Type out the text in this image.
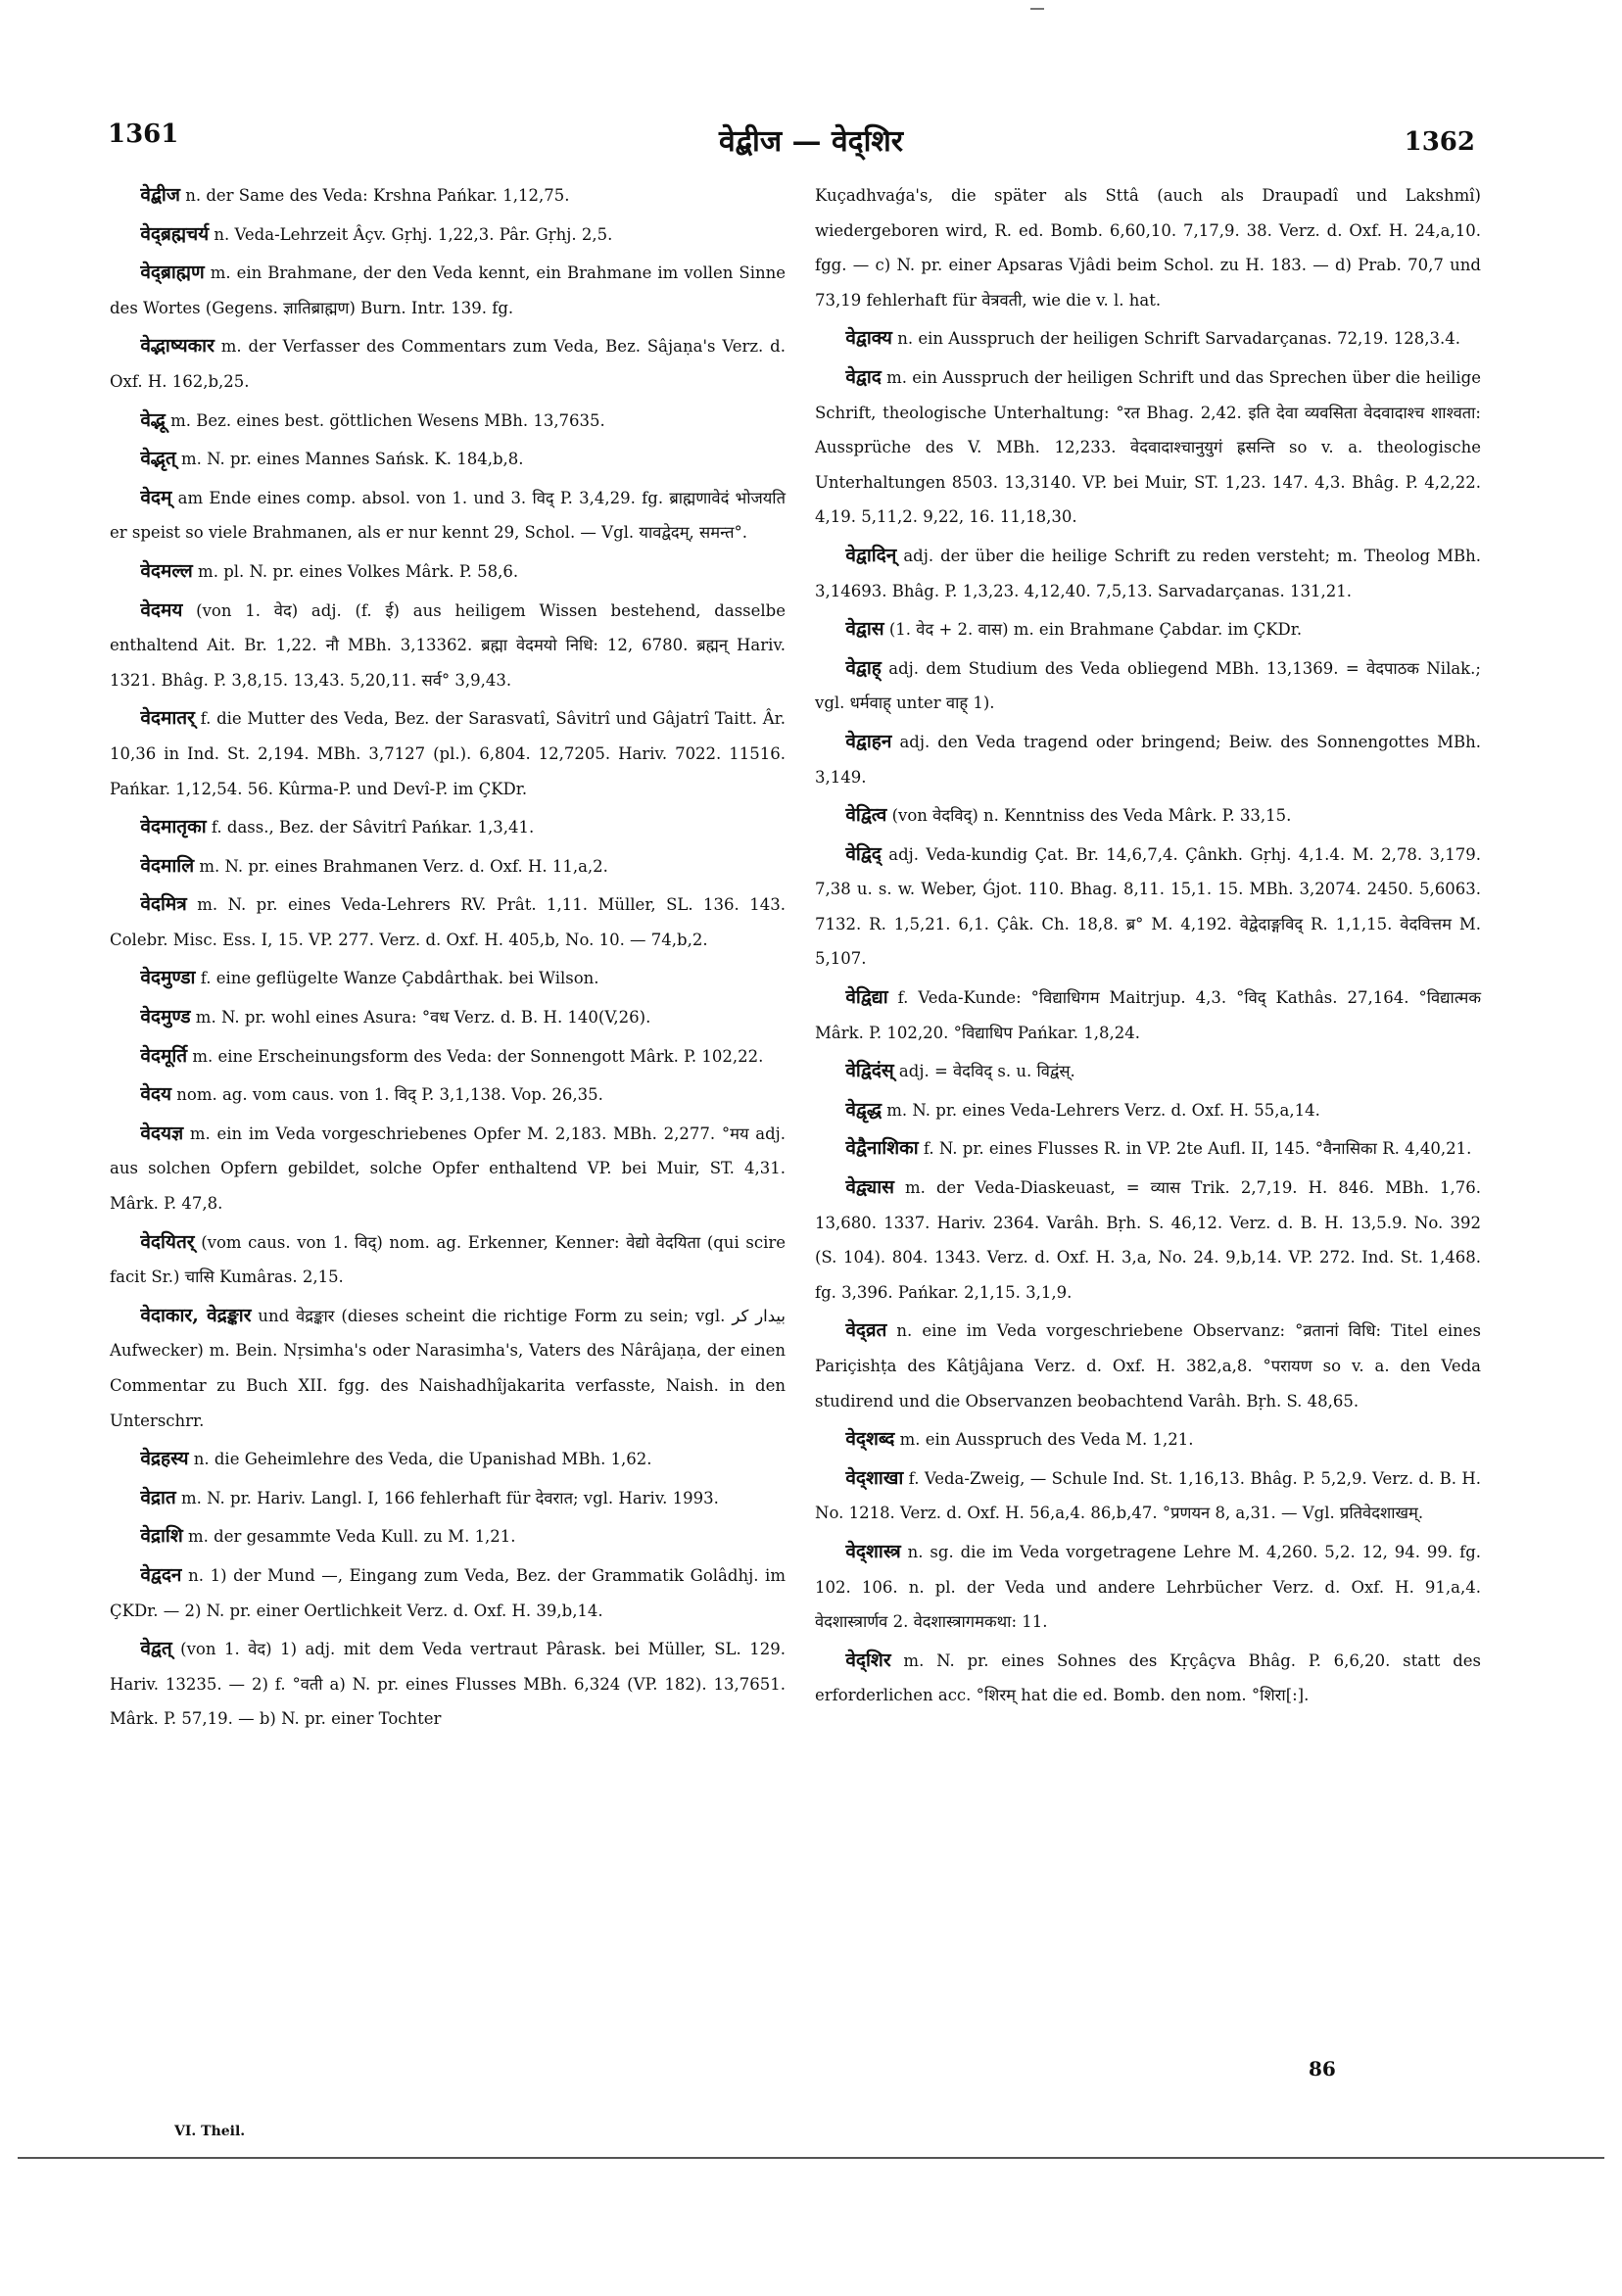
1361	वेद्बीज — वेद्शिर	1362

वेद्बीज n. der Same des Veda: Krshna Pańkar. 1,12,75.

वेद्ब्रह्मचर्य n. Veda-Lehrzeit Âçv. Gṛhj. 1,22,3. Pâr. Gṛhj. 2,5.

वेद्ब्राह्मण m. ein Brahmane, der den Veda kennt, ein Brahmane im vollen Sinne des Wortes (Gegens. ज्ञातिब्राह्मण) Burn. Intr. 139. fg.

वेद्भाष्यकार m. der Verfasser des Commentars zum Veda, Bez. Sâjaṇa's Verz. d. Oxf. H. 162,b,25.

वेद्भू m. Bez. eines best. göttlichen Wesens MBh. 13,7635.

वेद्भृत् m. N. pr. eines Mannes Sańsk. K. 184,b,8.

वेदम् am Ende eines comp. absol. von 1. und 3. विद् P. 3,4,29. fg. ब्राह्मणावेदं भोजयति er speist so viele Brahmanen, als er nur kennt 29, Schol. — Vgl. यावद्वेदम्, समन्त°.

वेदमल्ल m. pl. N. pr. eines Volkes Mârk. P. 58,6.

वेदमय (von 1. वेद) adj. (f. ई) aus heiligem Wissen bestehend, dasselbe enthaltend Ait. Br. 1,22. नौ MBh. 3,13362. ब्रह्मा वेदमयो निधि: 12, 6780. ब्रह्मन् Hariv. 1321. Bhâg. P. 3,8,15. 13,43. 5,20,11. सर्व° 3,9,43.

वेदमातर् f. die Mutter des Veda, Bez. der Sarasvatî, Sâvitrî und Gâjatrî Taitt. Âr. 10,36 in Ind. St. 2,194. MBh. 3,7127 (pl.). 6,804. 12,7205. Hariv. 7022. 11516. Pańkar. 1,12,54. 56. Kûrma-P. und Devî-P. im ÇKDr.

वेदमातृका f. dass., Bez. der Sâvitrî Pańkar. 1,3,41.

वेदमालि m. N. pr. eines Brahmanen Verz. d. Oxf. H. 11,a,2.

वेदमित्र m. N. pr. eines Veda-Lehrers RV. Prât. 1,11. Müller, SL. 136. 143. Colebr. Misc. Ess. I, 15. VP. 277. Verz. d. Oxf. H. 405,b, No. 10. — 74,b,2.

वेदमुण्डा f. eine geflügelte Wanze Çabdârthak. bei Wilson.

वेदमुण्ड m. N. pr. wohl eines Asura: °वध Verz. d. B. H. 140(V,26).

वेदमूर्ति m. eine Erscheinungsform des Veda: der Sonnengott Mârk. P. 102,22.

वेदय nom. ag. vom caus. von 1. विद् P. 3,1,138. Vop. 26,35.

वेदयज्ञ m. ein im Veda vorgeschriebenes Opfer M. 2,183. MBh. 2,277. °मय adj. aus solchen Opfern gebildet, solche Opfer enthaltend VP. bei Muir, ST. 4,31. Mârk. P. 47,8.

वेदयितर् (vom caus. von 1. विद्) nom. ag. Erkenner, Kenner: वेद्यो वेदयिता (qui scire facit Sr.) चासि Kumâras. 2,15.

वेदाकार, वेद्रङ्कार und वेद्रङ्कार (dieses scheint die richtige Form zu sein; vgl. بيدار كر Aufwecker) m. Bein. Nṛsimha's oder Narasimha's, Vaters des Nârâjaṇa, der einen Commentar zu Buch XII. fgg. des Naishadhîjakarita verfasste, Naish. in den Unterschrr.

वेद्रहस्य n. die Geheimlehre des Veda, die Upanishad MBh. 1,62.

वेद्रात m. N. pr. Hariv. Langl. I, 166 fehlerhaft für देवरात; vgl. Hariv. 1993.

वेद्राशि m. der gesammte Veda Kull. zu M. 1,21.

वेद्वदन n. 1) der Mund —, Eingang zum Veda, Bez. der Grammatik Golâdhj. im ÇKDr. — 2) N. pr. einer Oertlichkeit Verz. d. Oxf. H. 39,b,14.

वेद्वत् (von 1. वेद) 1) adj. mit dem Veda vertraut Pârask. bei Müller, SL. 129. Hariv. 13235. — 2) f. °वती a) N. pr. eines Flusses MBh. 6,324 (VP. 182). 13,7651. Mârk. P. 57,19. — b) N. pr. einer Tochter

Kuçadhvaǵa's, die später als Sttâ (auch als Draupadî und Lakshmî) wiedergeboren wird, R. ed. Bomb. 6,60,10. 7,17,9. 38. Verz. d. Oxf. H. 24,a,10. fgg. — c) N. pr. einer Apsaras Vjâdi beim Schol. zu H. 183. — d) Prab. 70,7 und 73,19 fehlerhaft für वेत्रवती, wie die v. l. hat.

वेद्वाक्य n. ein Ausspruch der heiligen Schrift Sarvadarçanas. 72,19. 128,3.4.

वेद्वाद m. ein Ausspruch der heiligen Schrift und das Sprechen über die heilige Schrift, theologische Unterhaltung: °रत Bhag. 2,42. इति देवा व्यवसिता वेदवादाश्च शाश्वता: Aussprüche des V. MBh. 12,233. वेदवादाश्चानुयुगं ह्रसन्ति so v. a. theologische Unterhaltungen 8503. 13,3140. VP. bei Muir, ST. 1,23. 147. 4,3. Bhâg. P. 4,2,22. 4,19. 5,11,2. 9,22, 16. 11,18,30.

वेद्वादिन् adj. der über die heilige Schrift zu reden versteht; m. Theolog MBh. 3,14693. Bhâg. P. 1,3,23. 4,12,40. 7,5,13. Sarvadarçanas. 131,21.

वेद्वास (1. वेद + 2. वास) m. ein Brahmane Çabdar. im ÇKDr.

वेद्वाह् adj. dem Studium des Veda obliegend MBh. 13,1369. = वेदपाठक Nilak.; vgl. धर्मवाह् unter वाह् 1).

वेद्वाहन adj. den Veda tragend oder bringend; Beiw. des Sonnengottes MBh. 3,149.

वेद्वित्व (von वेदविद्) n. Kenntniss des Veda Mârk. P. 33,15.

वेद्विद् adj. Veda-kundig Çat. Br. 14,6,7,4. Çânkh. Gṛhj. 4,1.4. M. 2,78. 3,179. 7,38 u. s. w. Weber, Ǵjot. 110. Bhag. 8,11. 15,1. 15. MBh. 3,2074. 2450. 5,6063. 7132. R. 1,5,21. 6,1. Çâk. Ch. 18,8. ब्र° M. 4,192. वेद्वेदाङ्गविद् R. 1,1,15. वेदवित्तम M. 5,107.

वेद्विद्या f. Veda-Kunde: °विद्याधिगम Maitrjup. 4,3. °विद् Kathâs. 27,164. °विद्यात्मक Mârk. P. 102,20. °विद्याधिप Pańkar. 1,8,24.

वेद्विदंस् adj. = वेदविद् s. u. विद्वंस्.

वेद्वृद्ध m. N. pr. eines Veda-Lehrers Verz. d. Oxf. H. 55,a,14.

वेद्वैनाशिका f. N. pr. eines Flusses R. in VP. 2te Aufl. II, 145. °वैनासिका R. 4,40,21.

वेद्व्यास m. der Veda-Diaskeuast, = व्यास Trik. 2,7,19. H. 846. MBh. 1,76. 13,680. 1337. Hariv. 2364. Varâh. Bṛh. S. 46,12. Verz. d. B. H. 13,5.9. No. 392 (S. 104). 804. 1343. Verz. d. Oxf. H. 3,a, No. 24. 9,b,14. VP. 272. Ind. St. 1,468. fg. 3,396. Pańkar. 2,1,15. 3,1,9.

वेद्व्रत n. eine im Veda vorgeschriebene Observanz: °व्रतानां विधि: Titel eines Pariçishṭa des Kâtjâjana Verz. d. Oxf. H. 382,a,8. °परायण so v. a. den Veda studirend und die Observanzen beobachtend Varâh. Bṛh. S. 48,65.

वेद्शब्द m. ein Ausspruch des Veda M. 1,21.

वेद्शाखा f. Veda-Zweig, — Schule Ind. St. 1,16,13. Bhâg. P. 5,2,9. Verz. d. B. H. No. 1218. Verz. d. Oxf. H. 56,a,4. 86,b,47. °प्रणयन 8, a,31. — Vgl. प्रतिवेदशाखम्.

वेद्शास्त्र n. sg. die im Veda vorgetragene Lehre M. 4,260. 5,2. 12, 94. 99. fg. 102. 106. n. pl. der Veda und andere Lehrbücher Verz. d. Oxf. H. 91,a,4. वेदशास्त्रार्णव 2. वेदशास्त्रागमकथा: 11.

वेद्शिर m. N. pr. eines Sohnes des Kṛçâçva Bhâg. P. 6,6,20. statt des erforderlichen acc. °शिरम् hat die ed. Bomb. den nom. °शिरा[:].

VI. Theil.
86
